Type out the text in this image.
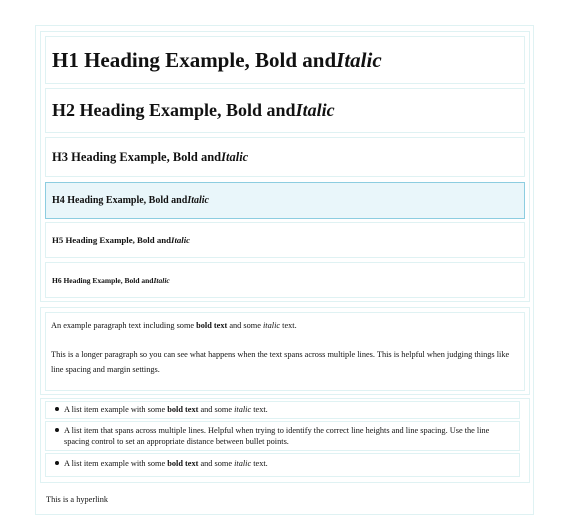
H1 Heading Example, Bold and Italic
H2 Heading Example, Bold and Italic
H3 Heading Example, Bold and Italic
H4 Heading Example, Bold and Italic
H5 Heading Example, Bold and Italic
H6 Heading Example, Bold and Italic

An example paragraph text including some bold text and some italic text.

This is a longer paragraph so you can see what happens when the text spans across multiple lines. This is helpful when judging things like line spacing and margin settings.

A list item example with some bold text and some italic text.
A list item that spans across multiple lines. Helpful when trying to identify the correct line heights and line spacing. Use the line spacing control to set an appropriate distance between bullet points.
A list item example with some bold text and some italic text.
This is a hyperlink
